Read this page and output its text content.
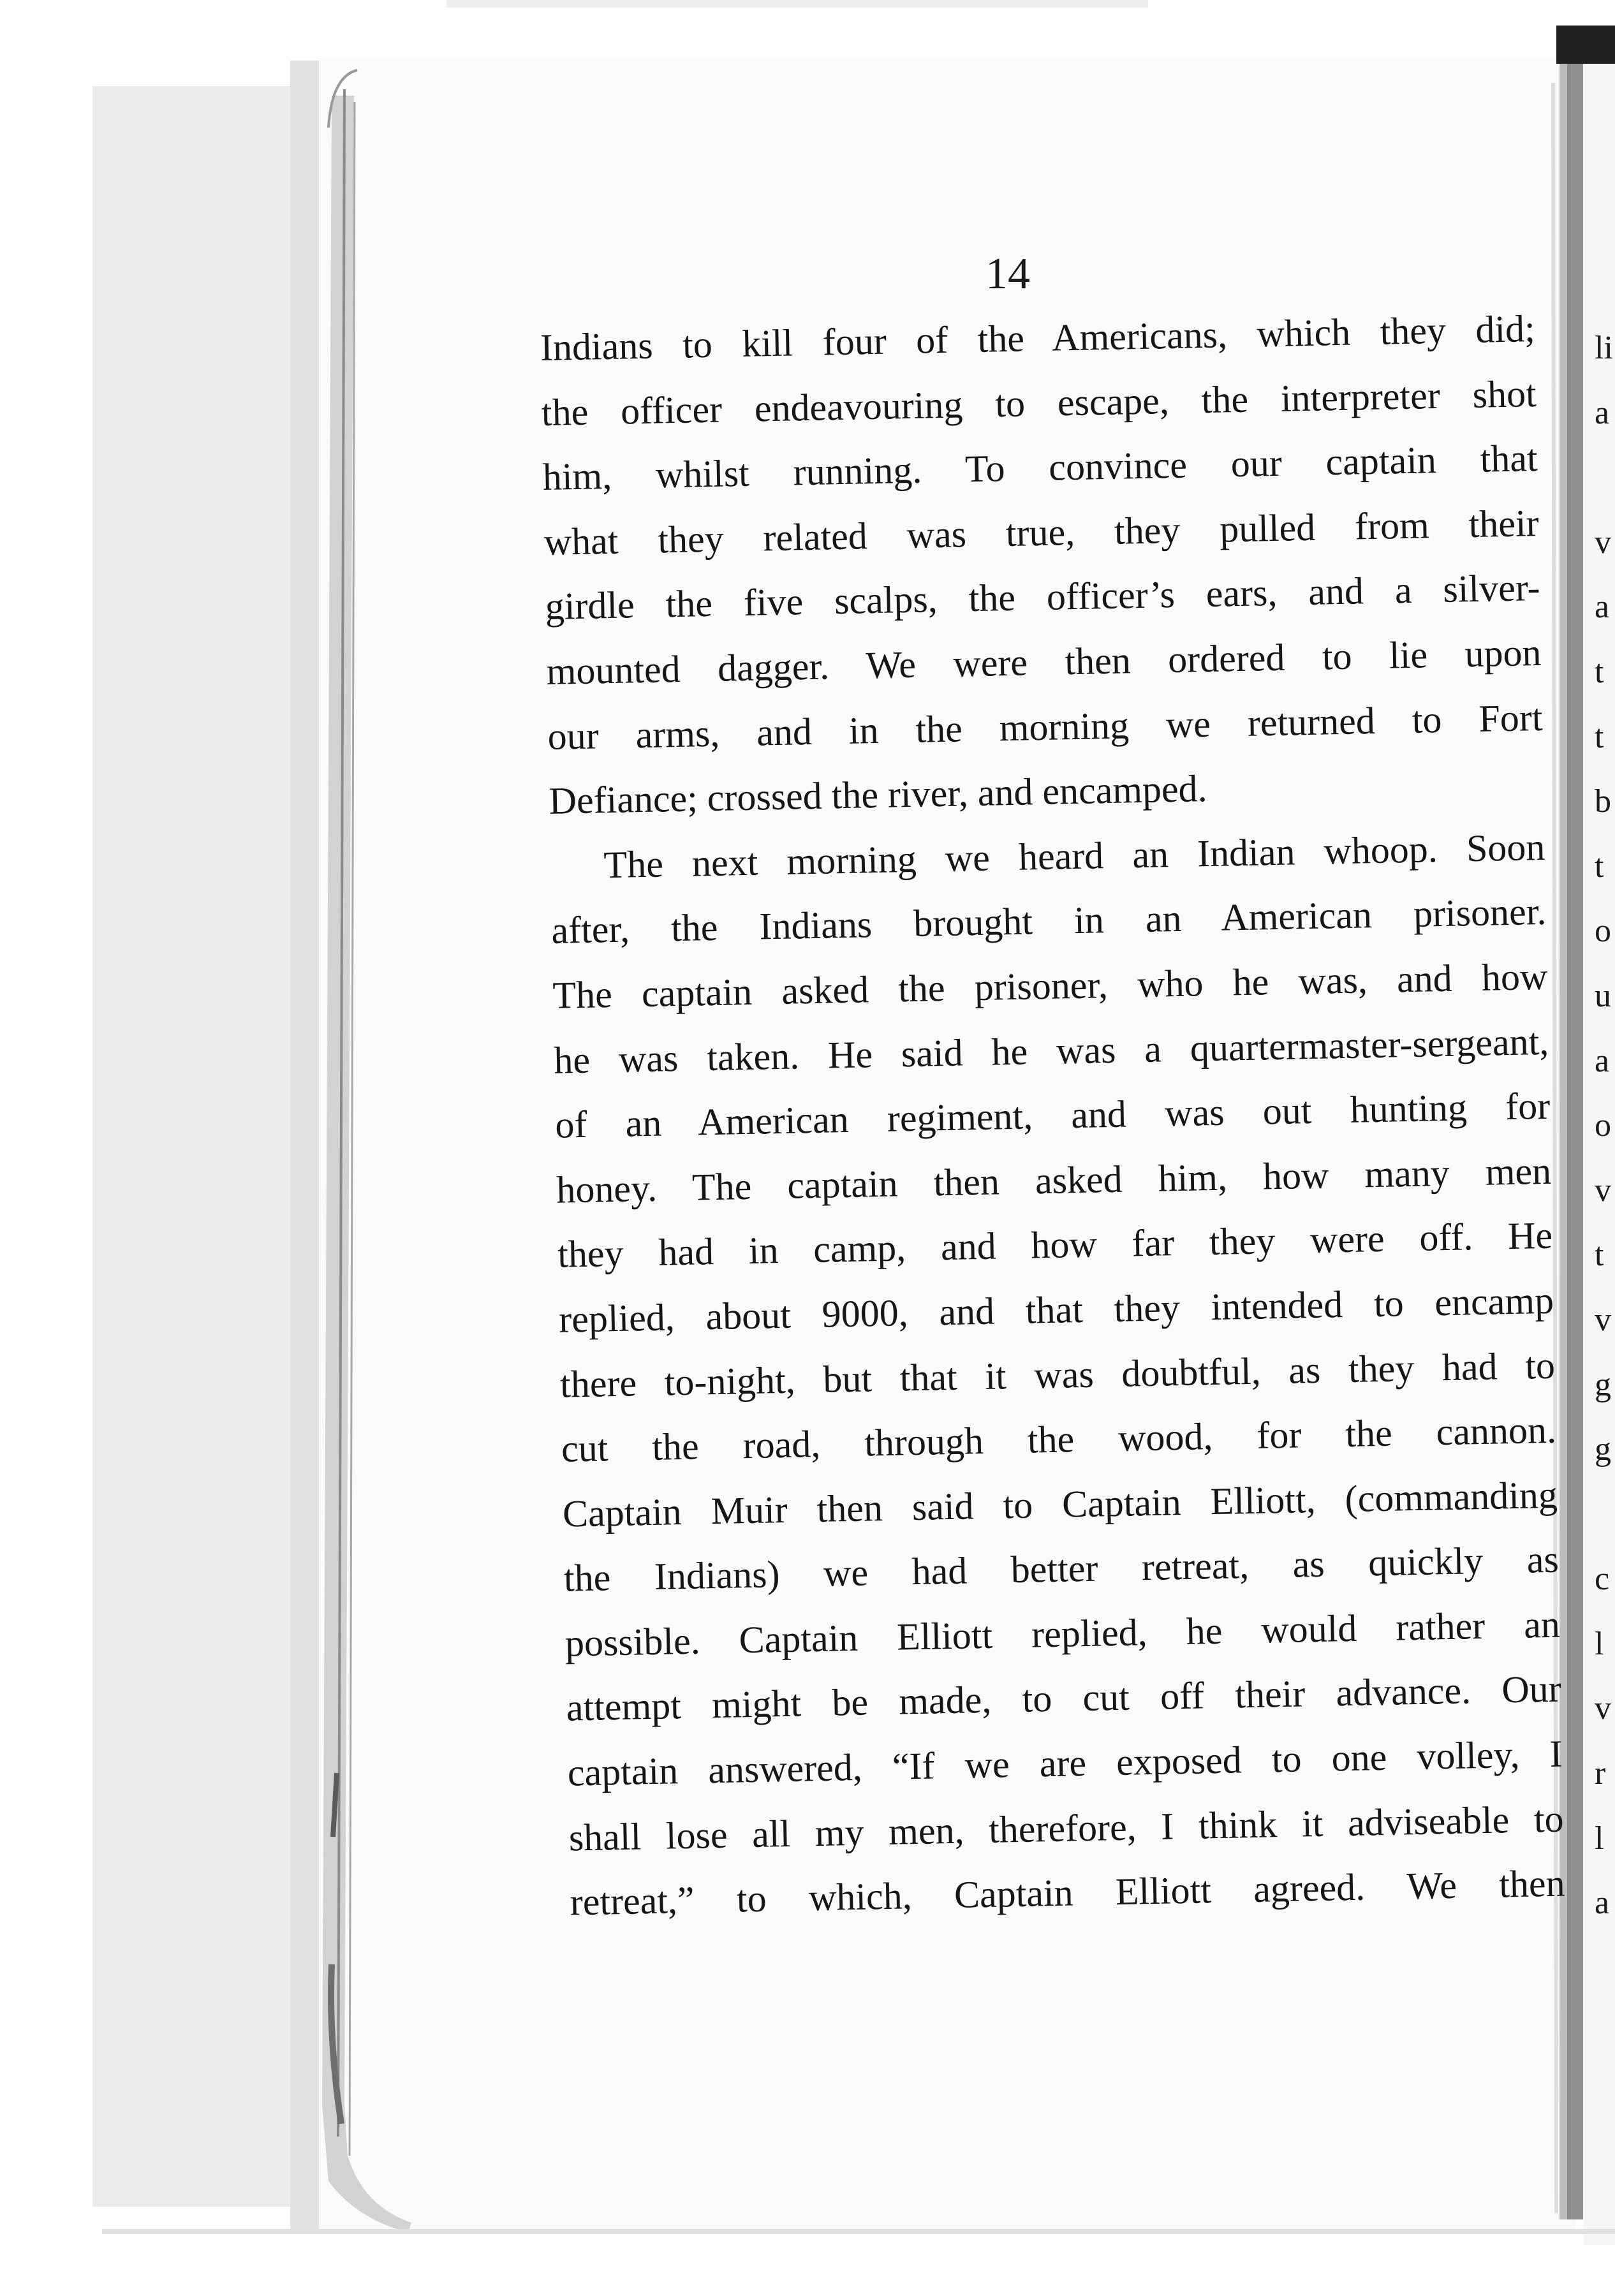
14
Indians to kill four of the Americans, which they did;
the officer endeavouring to escape, the interpreter shot
him, whilst running. To convince our captain that
what they related was true, they pulled from their
girdle the five scalps, the officer’s ears, and a silver-
mounted dagger. We were then ordered to lie upon
our arms, and in the morning we returned to Fort
Defiance; crossed the river, and encamped.
The next morning we heard an Indian whoop. Soon
after, the Indians brought in an American prisoner.
The captain asked the prisoner, who he was, and how
he was taken. He said he was a quartermaster-sergeant,
of an American regiment, and was out hunting for
honey. The captain then asked him, how many men
they had in camp, and how far they were off. He
replied, about 9000, and that they intended to encamp
there to-night, but that it was doubtful, as they had to
cut the road, through the wood, for the cannon.
Captain Muir then said to Captain Elliott, (commanding
the Indians) we had better retreat, as quickly as
possible. Captain Elliott replied, he would rather an
attempt might be made, to cut off their advance. Our
captain answered, “If we are exposed to one volley, I
shall lose all my men, therefore, I think it adviseable to
retreat,” to which, Captain Elliott agreed. We then
li
a
v
a
t
t
b
t
o
u
a
o
v
t
v
g
g
c
l
v
r
l
a
